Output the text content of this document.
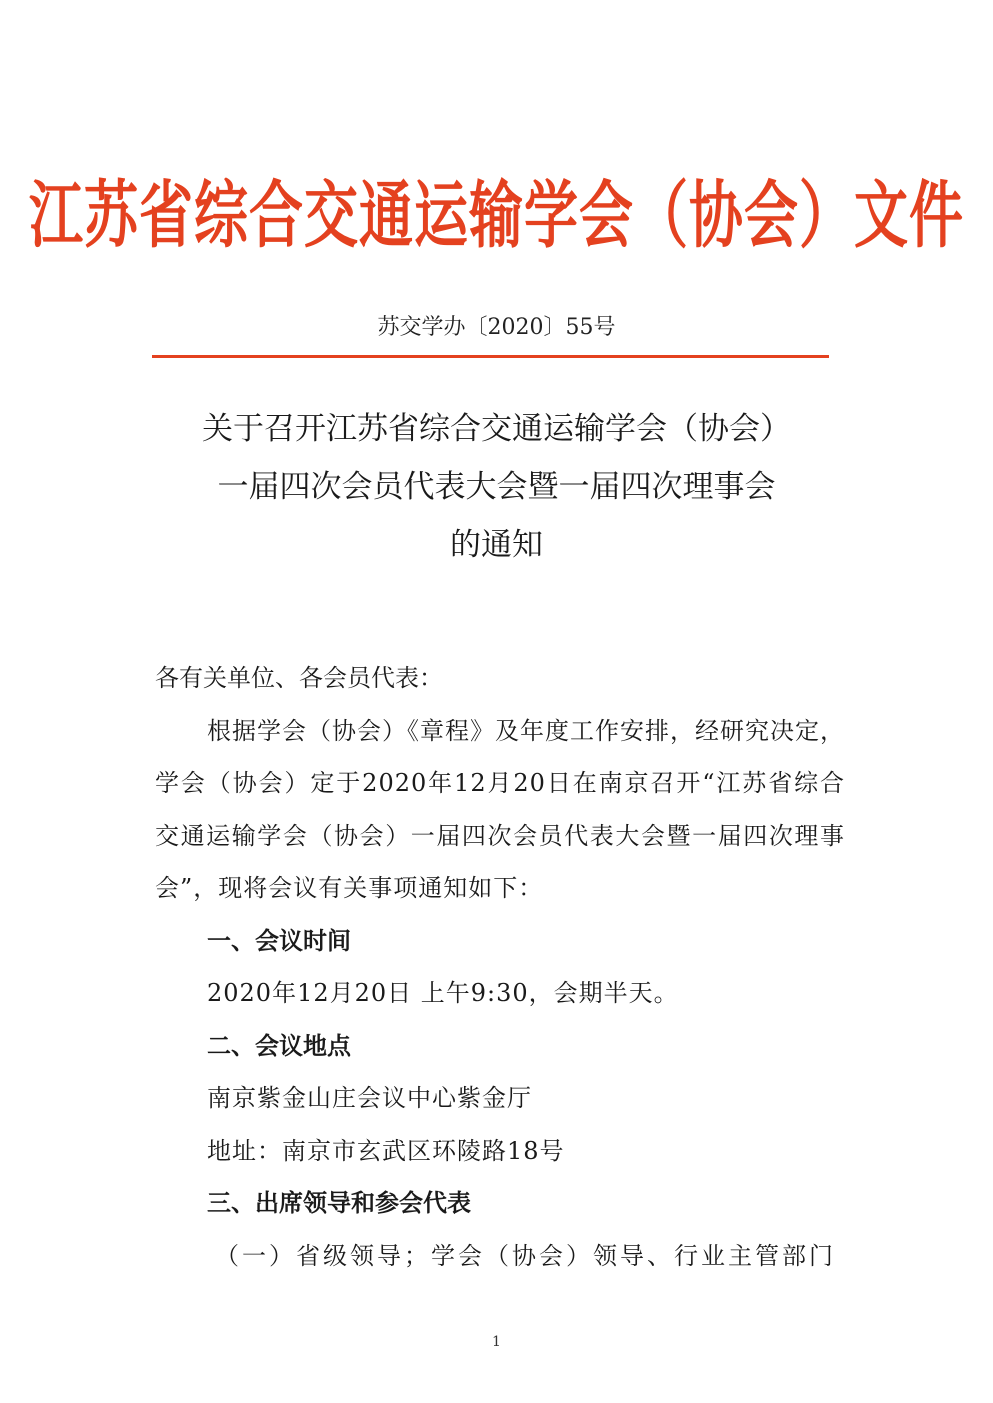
江苏省综合交通运输学会（协会）文件
苏交学办〔2020〕55号
关于召开江苏省综合交通运输学会（协会）
一届四次会员代表大会暨一届四次理事会
的通知

各有关单位、各会员代表：

根据学会（协会）《章程》及年度工作安排，经研究决定，学会（协会）定于2020年12月20日在南京召开“江苏省综合交通运输学会（协会）一届四次会员代表大会暨一届四次理事会”，现将会议有关事项通知如下：

一、会议时间

2020年12月20日 上午9:30，会期半天。

二、会议地点

南京紫金山庄会议中心紫金厅

地址：南京市玄武区环陵路18号

三、出席领导和参会代表

（一）省级领导；学会（协会）领导、行业主管部门

1
